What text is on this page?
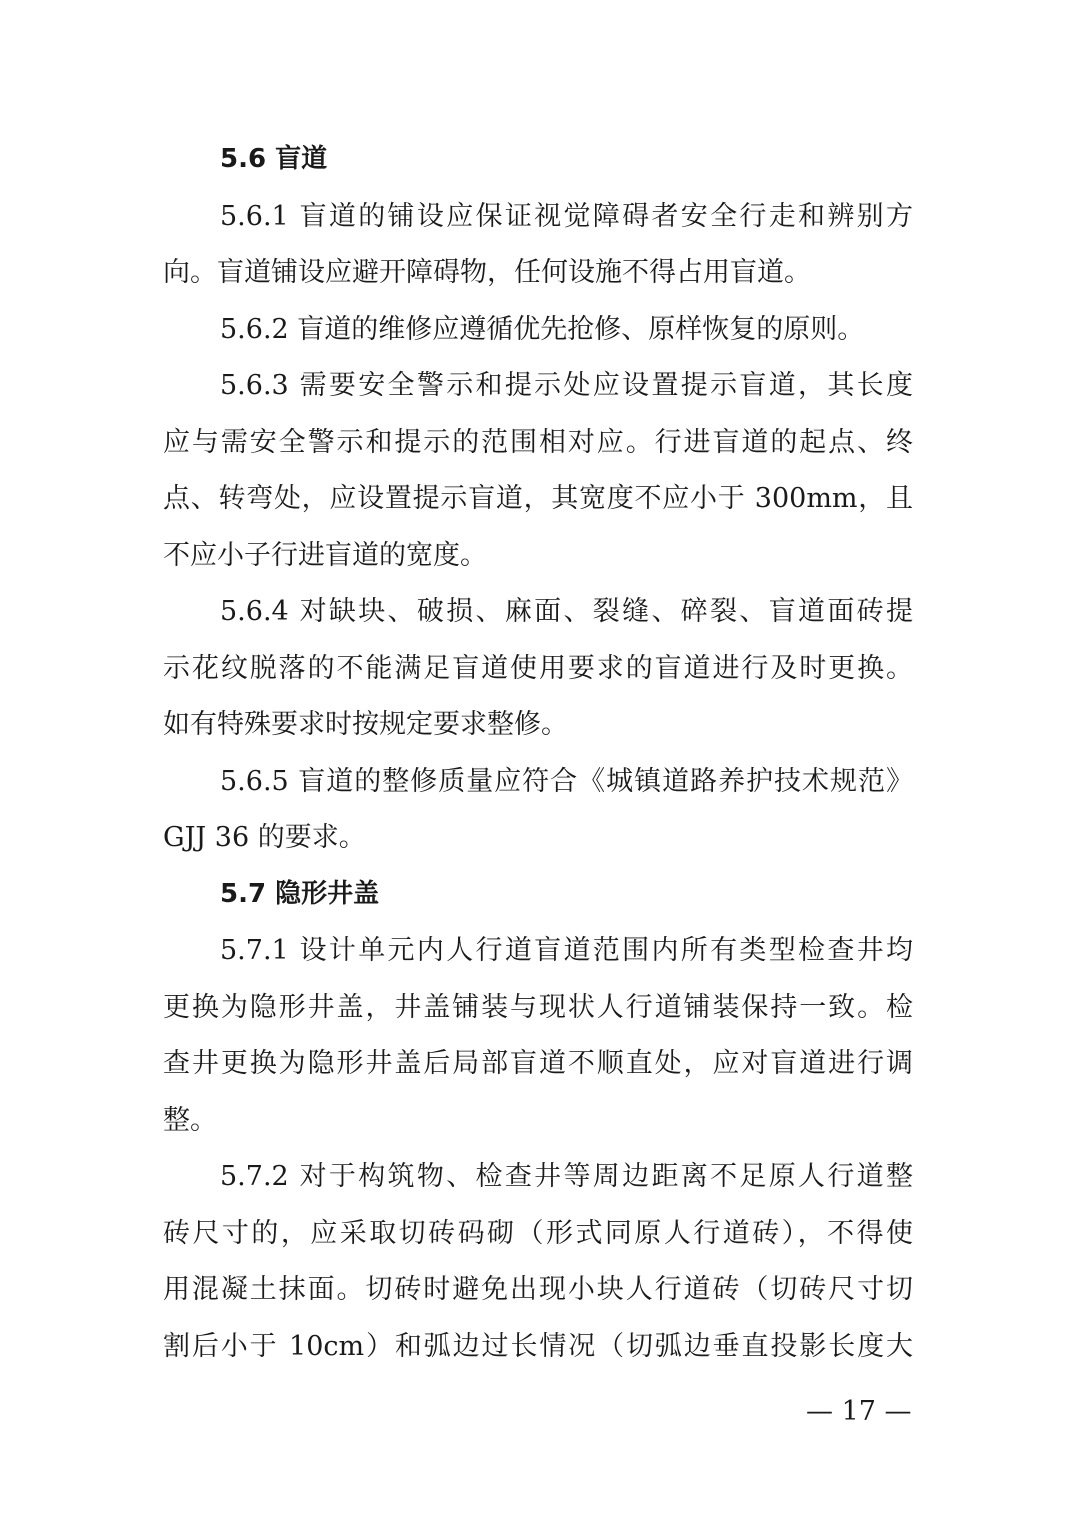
5.6 盲道
5.6.1 盲道的铺设应保证视觉障碍者安全行走和辨别方
向。盲道铺设应避开障碍物，任何设施不得占用盲道。
5.6.2 盲道的维修应遵循优先抢修、原样恢复的原则。
5.6.3 需要安全警示和提示处应设置提示盲道，其长度
应与需安全警示和提示的范围相对应。行进盲道的起点、终
点、转弯处，应设置提示盲道，其宽度不应小于 300mm，且
不应小子行进盲道的宽度。
5.6.4 对缺块、破损、麻面、裂缝、碎裂、盲道面砖提
示花纹脱落的不能满足盲道使用要求的盲道进行及时更换。
如有特殊要求时按规定要求整修。
5.6.5 盲道的整修质量应符合《城镇道路养护技术规范》
GJJ 36 的要求。
5.7 隐形井盖
5.7.1 设计单元内人行道盲道范围内所有类型检查井均
更换为隐形井盖，井盖铺装与现状人行道铺装保持一致。检
查井更换为隐形井盖后局部盲道不顺直处，应对盲道进行调
整。
5.7.2 对于构筑物、检查井等周边距离不足原人行道整
砖尺寸的，应采取切砖码砌（形式同原人行道砖），不得使
用混凝土抹面。切砖时避免出现小块人行道砖（切砖尺寸切
割后小于 10cm）和弧边过长情况（切弧边垂直投影长度大
— 17 —
